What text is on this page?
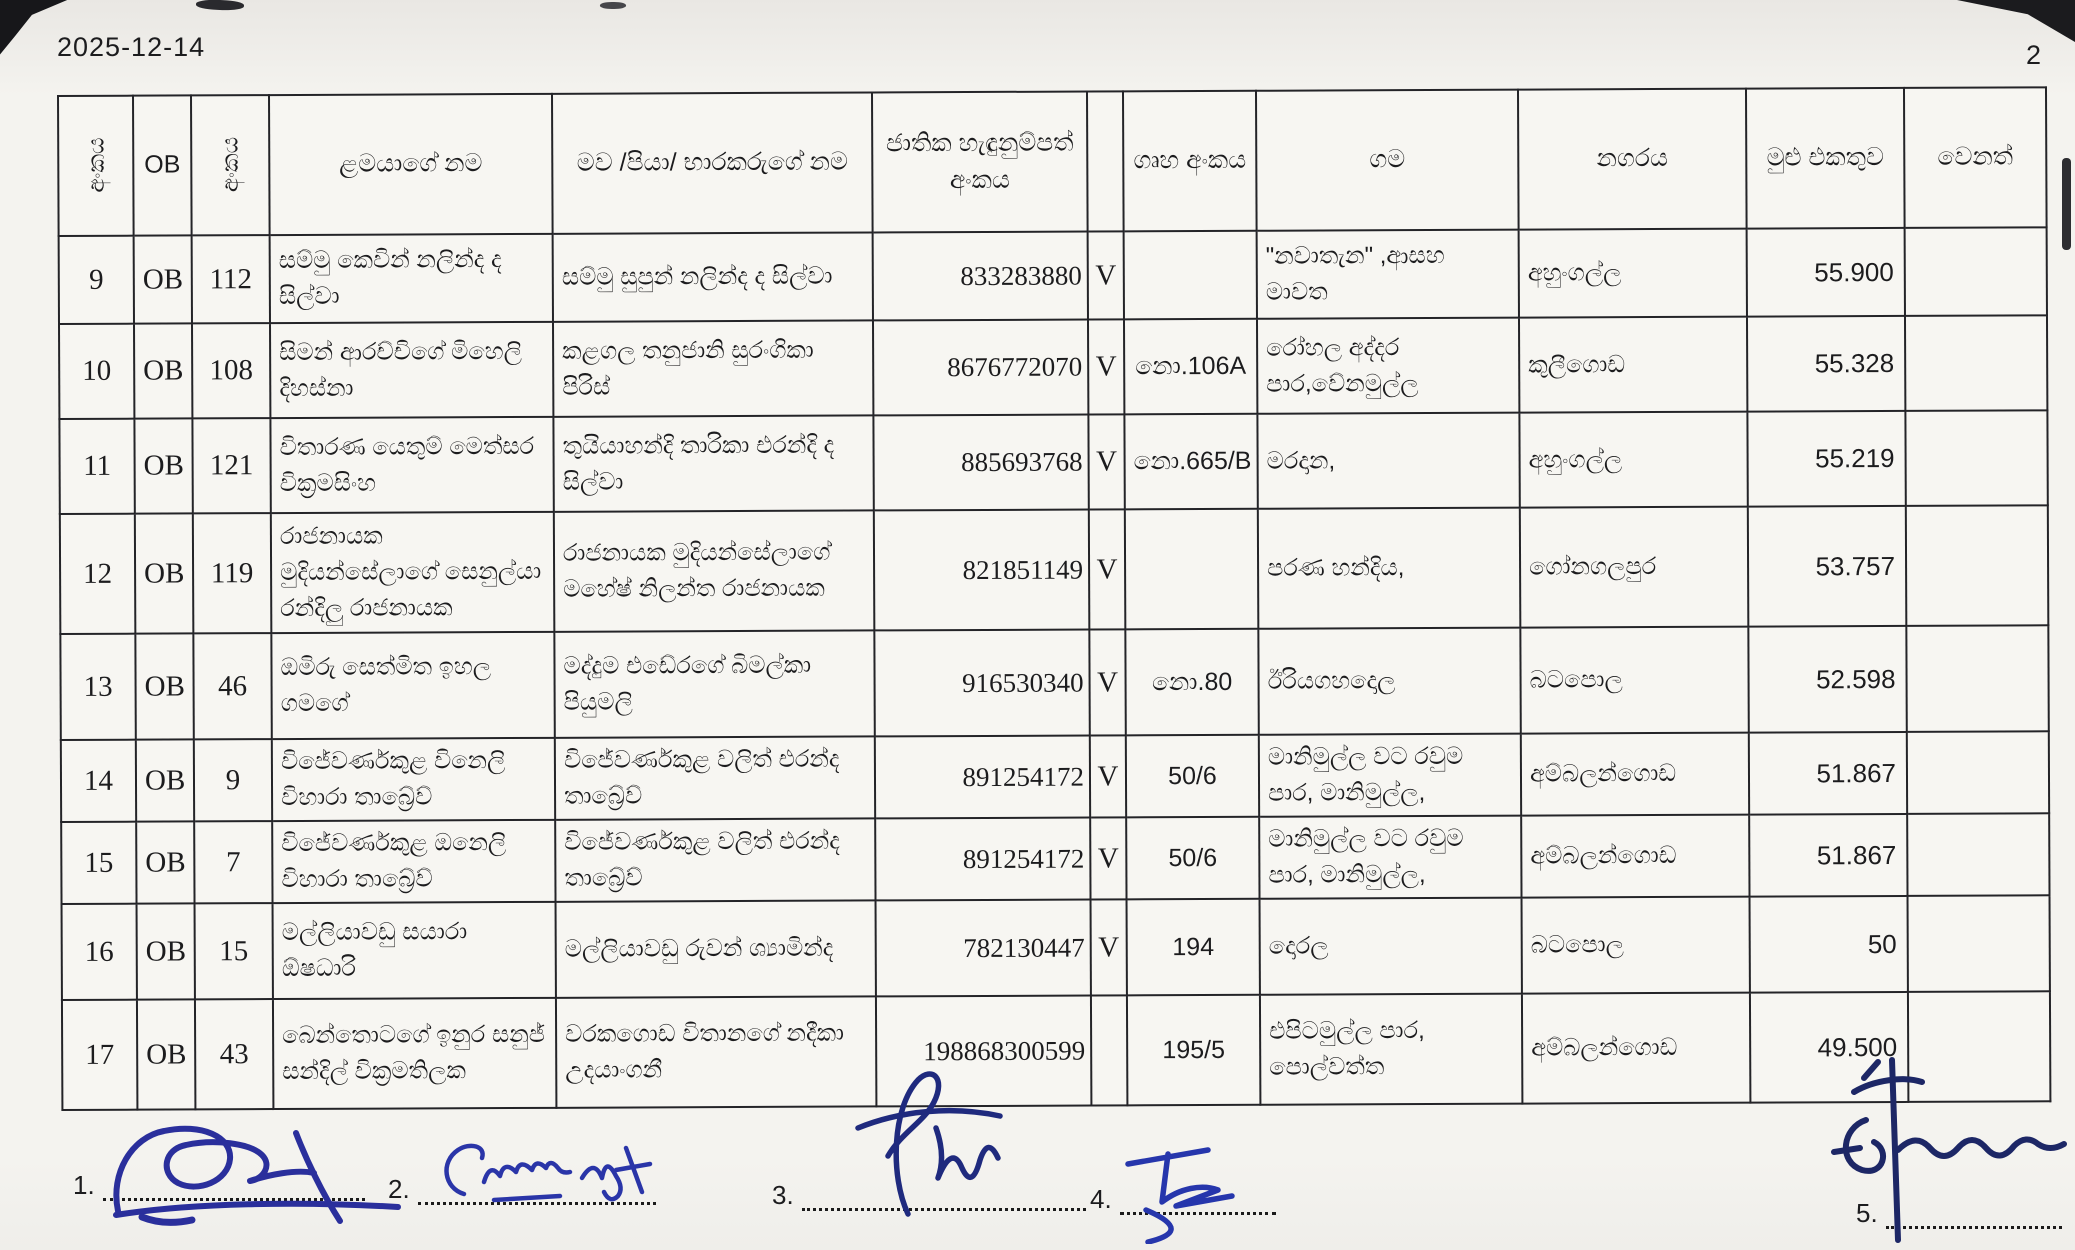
2025-12-14	2
අංකය	OB	අංකය	ළමයාගේ නම	මව /පියා/ භාරකරුගේ නම	ජාතික හැඳුනුම්පත් අංකය		ගෘහ අංකය	ගම	නගරය	මුළු එකතුව	වෙනත්
9	OB	112	සම්මු කෙවින් නලින්ද ද සිල්වා	සම්මු සුපුන් නලින්ද ද සිල්වා	833283880	V		"නවාතැන" ,ආසහ මාවත	අහුංගල්ල	55.900	
10	OB	108	සිමන් ආරච්චිගේ මිහෙලි දිහස්නා	කළගල තනුජානි සුරංගිකා පිරිස්	8676772070	V	නො.106A	රෝහල අද්දර පාර,වේනමුල්ල	කුලීගොඩ	55.328	
11	OB	121	විතාරණ යෙතුම් මෙත්සර වික්‍රමසිංහ	තුයියාහන්දි තාරිකා එරන්දි ද සිල්වා	885693768	V	නො.665/B	මරදාන,	අහුංගල්ල	55.219	
12	OB	119	රාජනායක මුදියන්සේලාගේ සෙනුල්යා රන්දිලු රාජනායක	රාජනායක මුදියන්සේලාගේ මහේෂ් නිලන්ත රාජනායක	821851149	V		පරණ හන්දිය,	ගෝනගලපුර	53.757	
13	OB	46	ඔමිරු සෙත්මිත ඉහල ගමගේ	මද්දුම එඩේරගේ බිමල්කා පියුමලි	916530340	V	නො.80	ඊරියගහදොල	බටපොල	52.598	
14	OB	9	විජේවර්ණකුළ විනෙලි විහාරා තාබ්‍රේව්	විජේවර්ණකුළ වලිත් එරන්ද තාබ්‍රේව්	891254172	V	50/6	මානිමුල්ල වට රවුම පාර, මානිමුල්ල,	අම්බලන්ගොඩ	51.867	
15	OB	7	විජේවර්ණකුළ ඔනෙලි විහාරා තාබ්‍රේව්	විජේවර්ණකුළ වලිත් එරන්ද තාබ්‍රේව්	891254172	V	50/6	මානිමුල්ල වට රවුම පාර, මානිමුල්ල,	අම්බලන්ගොඩ	51.867	
16	OB	15	මල්ලියාවඩු සයාරා ඕෂධාරි	මල්ලියාවඩු රුවන් ශ්‍යාමින්ද	782130447	V	194	දොරල	බටපොල	50	
17	OB	43	බෙන්තොටගේ ඉනුර සනුජ් සන්දිල් වික්‍රමතිලක	වරකගොඩ විතානගේ නදීකා උදයාංගනී	198868300599		195/5	එපිටමුල්ල පාර, පොල්වත්ත	අම්බලන්ගොඩ	49.500	
1.	2.	3.	4.	5.
